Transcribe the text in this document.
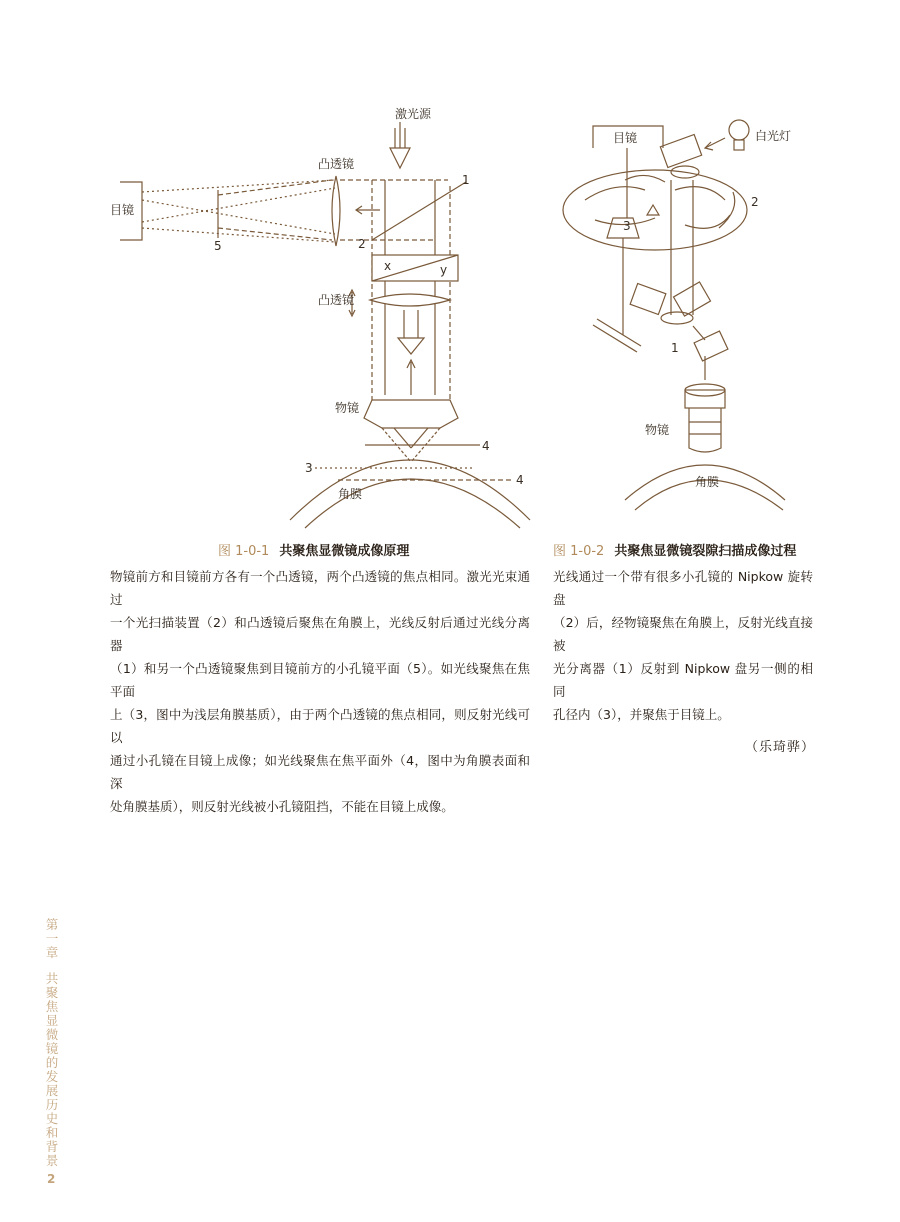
激光源
凸透镜
目镜
1
2
5
x	y
凸透镜
物镜
3
4
4
角膜
目镜	白光灯
2
3
1
物镜
角膜
图 1-0-1 共聚焦显微镜成像原理	图 1-0-2 共聚焦显微镜裂隙扫描成像过程

物镜前方和目镜前方各有一个凸透镜，两个凸透镜的焦点相同。激光光束通过

一个光扫描装置（2）和凸透镜后聚焦在角膜上，光线反射后通过光线分离器

（1）和另一个凸透镜聚焦到目镜前方的小孔镜平面（5）。如光线聚焦在焦平面

上（3，图中为浅层角膜基质），由于两个凸透镜的焦点相同，则反射光线可以

通过小孔镜在目镜上成像；如光线聚焦在焦平面外（4，图中为角膜表面和深

处角膜基质），则反射光线被小孔镜阻挡，不能在目镜上成像。

光线通过一个带有很多小孔镜的 Nipkow 旋转盘

（2）后，经物镜聚焦在角膜上，反射光线直接被

光分离器（1）反射到 Nipkow 盘另一侧的相同

孔径内（3），并聚焦于目镜上。

（乐琦骅）
第一章
共聚焦显微镜的发展历史和背景
2
